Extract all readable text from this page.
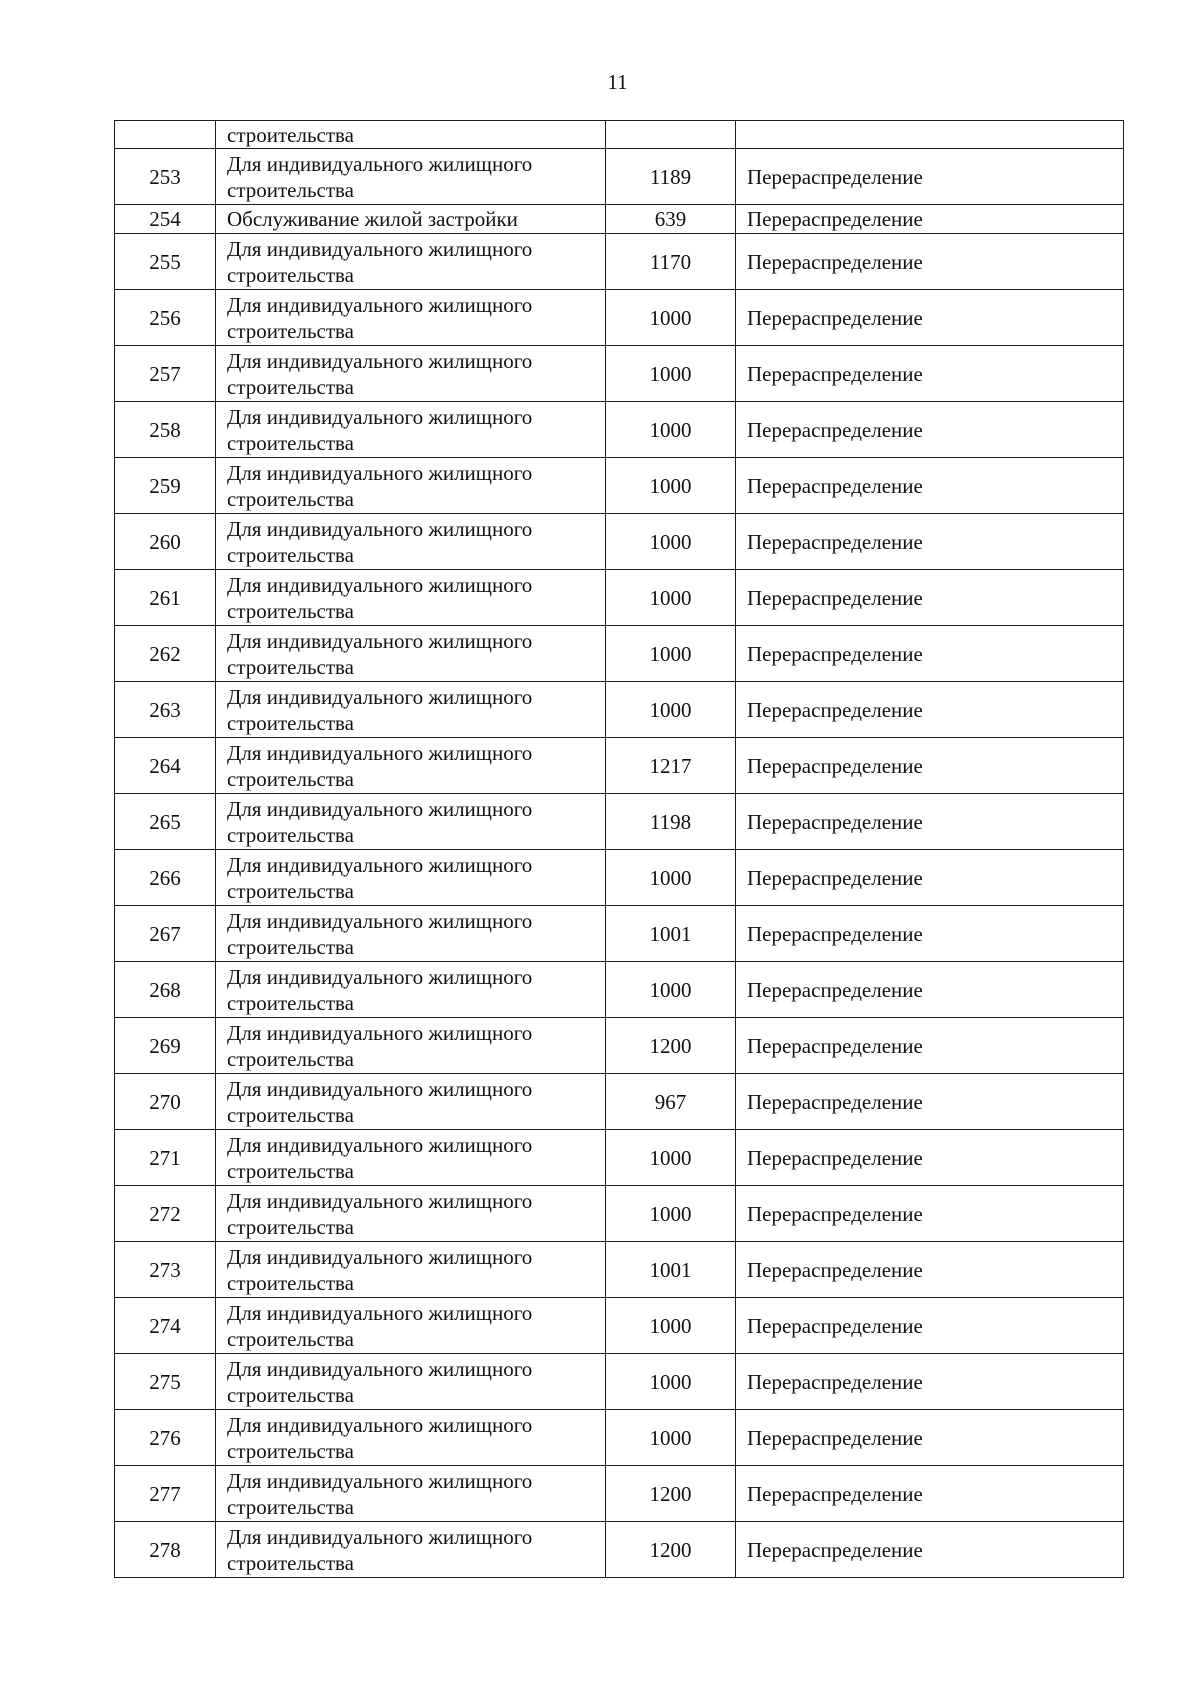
11
	строительства		
253	Для индивидуального жилищного строительства	1189	Перераспределение
254	Обслуживание жилой застройки	639	Перераспределение
255	Для индивидуального жилищного строительства	1170	Перераспределение
256	Для индивидуального жилищного строительства	1000	Перераспределение
257	Для индивидуального жилищного строительства	1000	Перераспределение
258	Для индивидуального жилищного строительства	1000	Перераспределение
259	Для индивидуального жилищного строительства	1000	Перераспределение
260	Для индивидуального жилищного строительства	1000	Перераспределение
261	Для индивидуального жилищного строительства	1000	Перераспределение
262	Для индивидуального жилищного строительства	1000	Перераспределение
263	Для индивидуального жилищного строительства	1000	Перераспределение
264	Для индивидуального жилищного строительства	1217	Перераспределение
265	Для индивидуального жилищного строительства	1198	Перераспределение
266	Для индивидуального жилищного строительства	1000	Перераспределение
267	Для индивидуального жилищного строительства	1001	Перераспределение
268	Для индивидуального жилищного строительства	1000	Перераспределение
269	Для индивидуального жилищного строительства	1200	Перераспределение
270	Для индивидуального жилищного строительства	967	Перераспределение
271	Для индивидуального жилищного строительства	1000	Перераспределение
272	Для индивидуального жилищного строительства	1000	Перераспределение
273	Для индивидуального жилищного строительства	1001	Перераспределение
274	Для индивидуального жилищного строительства	1000	Перераспределение
275	Для индивидуального жилищного строительства	1000	Перераспределение
276	Для индивидуального жилищного строительства	1000	Перераспределение
277	Для индивидуального жилищного строительства	1200	Перераспределение
278	Для индивидуального жилищного строительства	1200	Перераспределение
